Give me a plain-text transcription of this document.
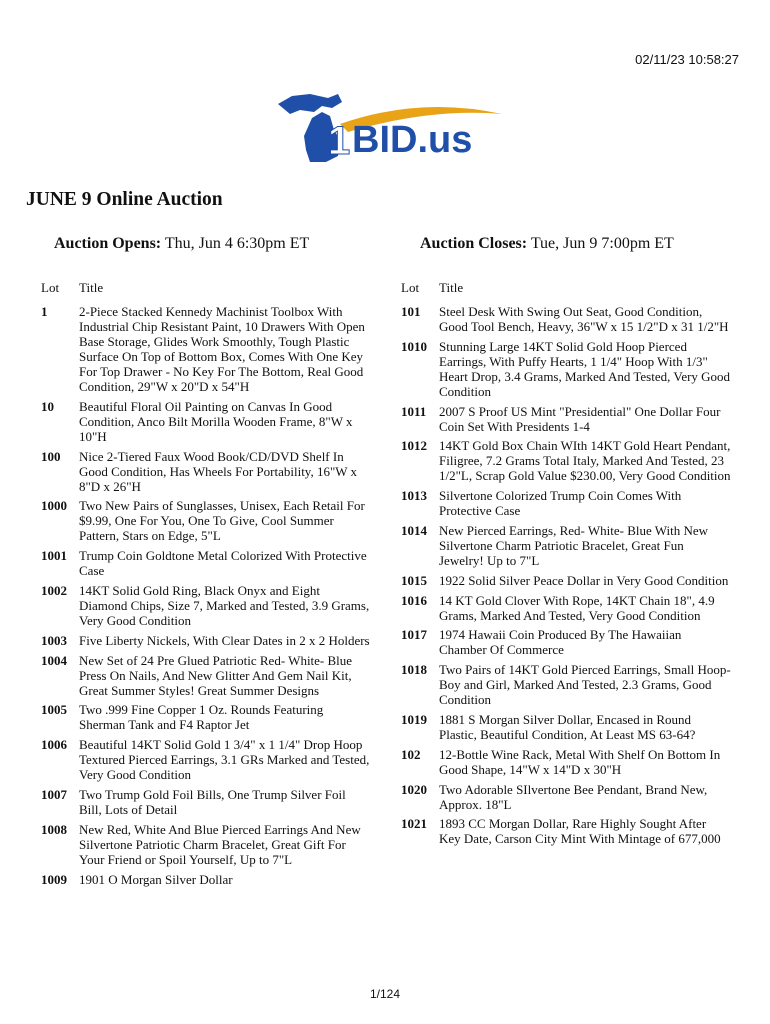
02/11/23 10:58:27
1 BID.us
JUNE 9 Online Auction
Auction Opens: Thu, Jun 4 6:30pm ET	Auction Closes: Tue, Jun 9 7:00pm ET
Lot	Title
1	2-Piece Stacked Kennedy Machinist Toolbox With Industrial Chip Resistant Paint, 10 Drawers With Open Base Storage, Glides Work Smoothly, Tough Plastic Surface On Top of Bottom Box, Comes With One Key For Top Drawer - No Key For The Bottom, Real Good Condition, 29"W x 20"D x 54"H
10	Beautiful Floral Oil Painting on Canvas In Good Condition, Anco Bilt Morilla Wooden Frame, 8"W x 10"H
100	Nice 2-Tiered Faux Wood Book/CD/DVD Shelf In Good Condition, Has Wheels For Portability, 16"W x 8"D x 26"H
1000 Two New Pairs of Sunglasses, Unisex, Each Retail For $9.99, One For You, One To Give, Cool Summer Pattern, Stars on Edge, 5"L
1001 Trump Coin Goldtone Metal Colorized With Protective Case
1002 14KT Solid Gold Ring, Black Onyx and Eight Diamond Chips, Size 7, Marked and Tested, 3.9 Grams, Very Good Condition
1003 Five Liberty Nickels, With Clear Dates in 2 x 2 Holders
1004 New Set of 24 Pre Glued Patriotic Red- White- Blue Press On Nails, And New Glitter And Gem Nail Kit, Great Summer Styles! Great Summer Designs
1005 Two .999 Fine Copper 1 Oz. Rounds Featuring Sherman Tank and F4 Raptor Jet
1006 Beautiful 14KT Solid Gold 1 3/4" x 1 1/4" Drop Hoop Textured Pierced Earrings, 3.1 GRs Marked and Tested, Very Good Condition
1007 Two Trump Gold Foil Bills, One Trump Silver Foil Bill, Lots of Detail
1008 New Red, White And Blue Pierced Earrings And New Silvertone Patriotic Charm Bracelet, Great Gift For Your Friend or Spoil Yourself, Up to 7"L
1009 1901 O Morgan Silver Dollar
Lot	Title
101	Steel Desk With Swing Out Seat, Good Condition, Good Tool Bench, Heavy, 36"W x 15 1/2"D x 31 1/2"H
1010 Stunning Large 14KT Solid Gold Hoop Pierced Earrings, With Puffy Hearts, 1 1/4" Hoop With 1/3" Heart Drop, 3.4 Grams, Marked And Tested, Very Good Condition
1011 2007 S Proof US Mint "Presidential" One Dollar Four Coin Set With Presidents 1-4
1012 14KT Gold Box Chain WIth 14KT Gold Heart Pendant, Filigree, 7.2 Grams Total Italy, Marked And Tested, 23 1/2"L, Scrap Gold Value $230.00, Very Good Condition
1013 Silvertone Colorized Trump Coin Comes With Protective Case
1014 New Pierced Earrings, Red- White- Blue With New Silvertone Charm Patriotic Bracelet, Great Fun Jewelry! Up to 7"L
1015 1922 Solid Silver Peace Dollar in Very Good Condition
1016 14 KT Gold Clover With Rope, 14KT Chain 18", 4.9 Grams, Marked And Tested, Very Good Condition
1017 1974 Hawaii Coin Produced By The Hawaiian Chamber Of Commerce
1018 Two Pairs of 14KT Gold Pierced Earrings, Small Hoop- Boy and Girl, Marked And Tested, 2.3 Grams, Good Condition
1019 1881 S Morgan Silver Dollar, Encased in Round Plastic, Beautiful Condition, At Least MS 63-64?
102	12-Bottle Wine Rack, Metal With Shelf On Bottom In Good Shape, 14"W x 14"D x 30"H
1020 Two Adorable SIlvertone Bee Pendant, Brand New, Approx. 18"L
1021 1893 CC Morgan Dollar, Rare Highly Sought After Key Date, Carson City Mint With Mintage of 677,000
1/124
